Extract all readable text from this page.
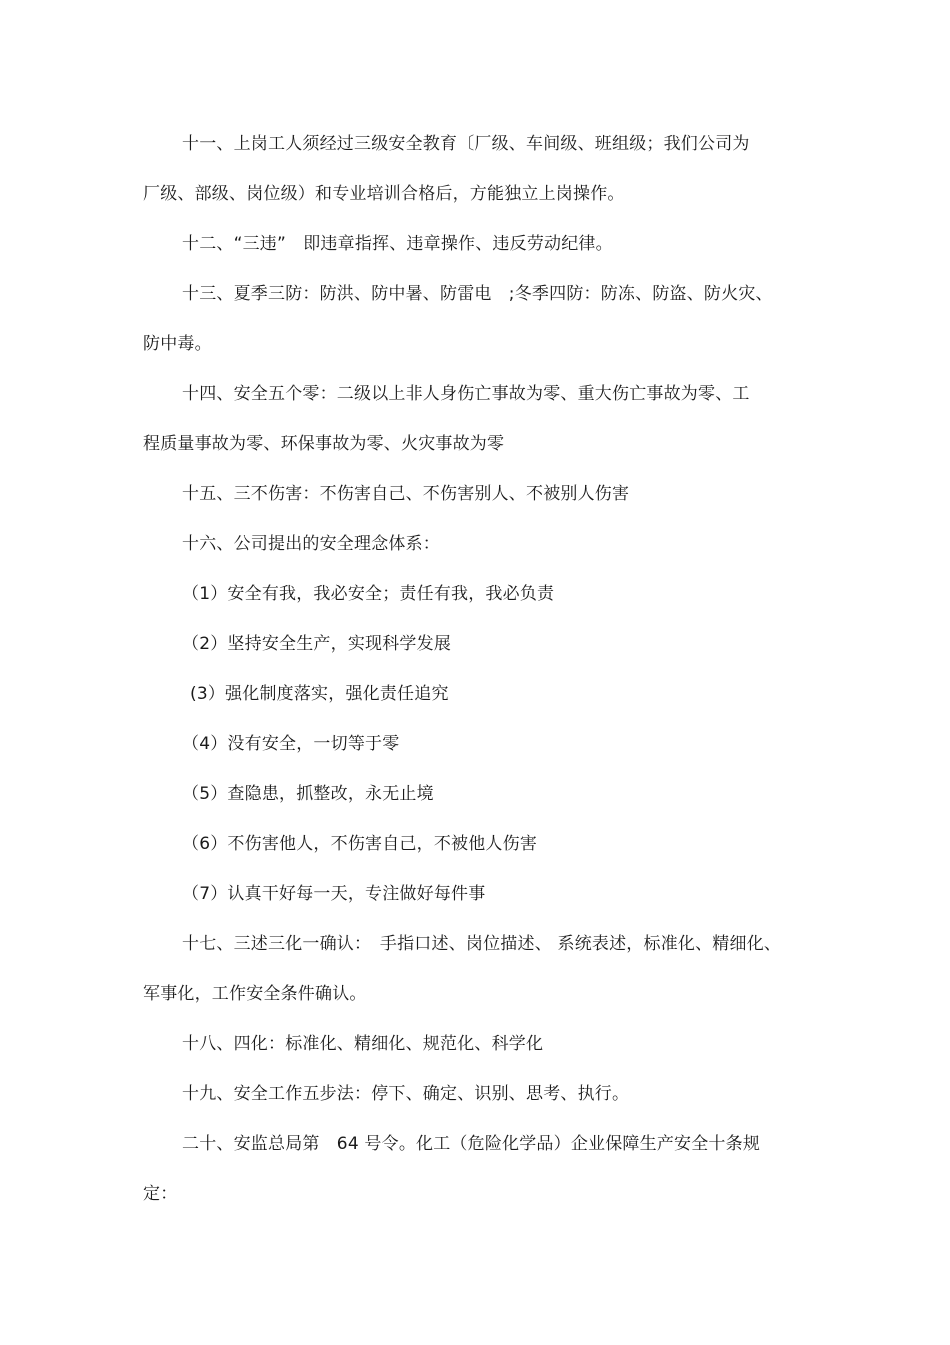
十一、上岗工人须经过三级安全教育〔厂级、车间级、班组级；我们公司为
厂级、部级、岗位级）和专业培训合格后，方能独立上岗操作。
十二、“三违”　即违章指挥、违章操作、违反劳动纪律。
十三、夏季三防：防洪、防中暑、防雷电　;冬季四防：防冻、防盗、防火灾、
防中毒。
十四、安全五个零：二级以上非人身伤亡事故为零、重大伤亡事故为零、工
程质量事故为零、环保事故为零、火灾事故为零
十五、三不伤害：不伤害自己、不伤害别人、不被别人伤害
十六、公司提出的安全理念体系：
（1）安全有我，我必安全；责任有我，我必负责
（2）坚持安全生产，实现科学发展
(3）强化制度落实，强化责任追究
（4）没有安全，一切等于零
（5）查隐患，抓整改，永无止境
（6）不伤害他人，不伤害自己，不被他人伤害
（7）认真干好每一天，专注做好每件事
十七、三述三化一确认：　手指口述、岗位描述、 系统表述，标准化、精细化、
军事化，工作安全条件确认。
十八、四化：标准化、精细化、规范化、科学化
十九、安全工作五步法：停下、确定、识别、思考、执行。
二十、安监总局第　64 号令。化工（危险化学品）企业保障生产安全十条规
定：
